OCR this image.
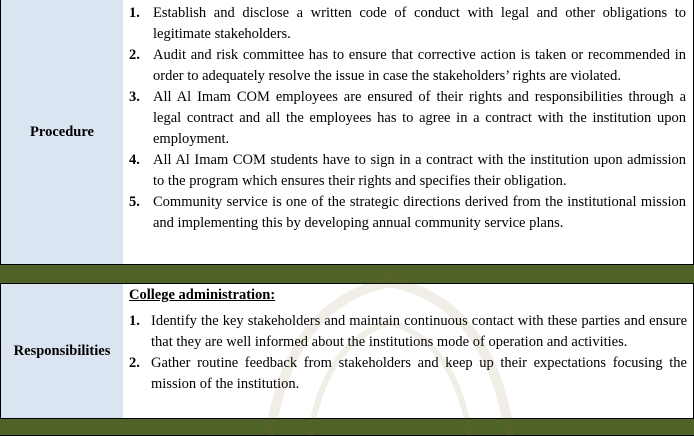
Procedure
1. Establish and disclose a written code of conduct with legal and other obligations to legitimate stakeholders.
2. Audit and risk committee has to ensure that corrective action is taken or recommended in order to adequately resolve the issue in case the stakeholders’ rights are violated.
3. All Al Imam COM employees are ensured of their rights and responsibilities through a legal contract and all the employees has to agree in a contract with the institution upon employment.
4. All Al Imam COM students have to sign in a contract with the institution upon admission to the program which ensures their rights and specifies their obligation.
5. Community service is one of the strategic directions derived from the institutional mission and implementing this by developing annual community service plans.
Responsibilities
College administration:
1. Identify the key stakeholders and maintain continuous contact with these parties and ensure that they are well informed about the institutions mode of operation and activities.
2. Gather routine feedback from stakeholders and keep up their expectations focusing the mission of the institution.
